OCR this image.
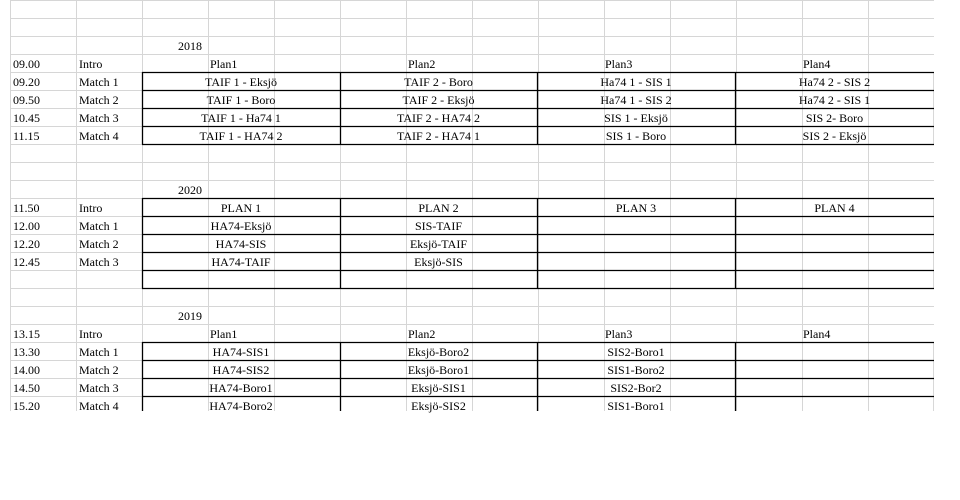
2018
09.00	Intro	Plan1	Plan2	Plan3	Plan4
09.20	Match 1	TAIF 1 - Eksjö	TAIF 2 - Boro	Ha74 1 - SIS 1	Ha74 2 - SIS 2
09.50	Match 2	TAIF 1 - Boro	TAIF 2 - Eksjö	Ha74 1 - SIS 2	Ha74 2 - SIS 1
10.45	Match 3	TAIF 1 - Ha74 1	TAIF 2 - HA74 2	SIS 1 - Eksjö	SIS 2- Boro
11.15	Match 4	TAIF 1 - HA74 2	TAIF 2 - HA74 1	SIS 1 - Boro	SIS 2 - Eksjö
2020
11.50	Intro	PLAN 1	PLAN 2	PLAN 3	PLAN 4
12.00	Match 1	HA74-Eksjö	SIS-TAIF
12.20	Match 2	HA74-SIS	Eksjö-TAIF
12.45	Match 3	HA74-TAIF	Eksjö-SIS
2019
13.15	Intro	Plan1	Plan2	Plan3	Plan4
13.30	Match 1	HA74-SIS1	Eksjö-Boro2	SIS2-Boro1
14.00	Match 2	HA74-SIS2	Eksjö-Boro1	SIS1-Boro2
14.50	Match 3	HA74-Boro1	Eksjö-SIS1	SIS2-Bor2
15.20	Match 4	HA74-Boro2	Eksjö-SIS2	SIS1-Boro1
